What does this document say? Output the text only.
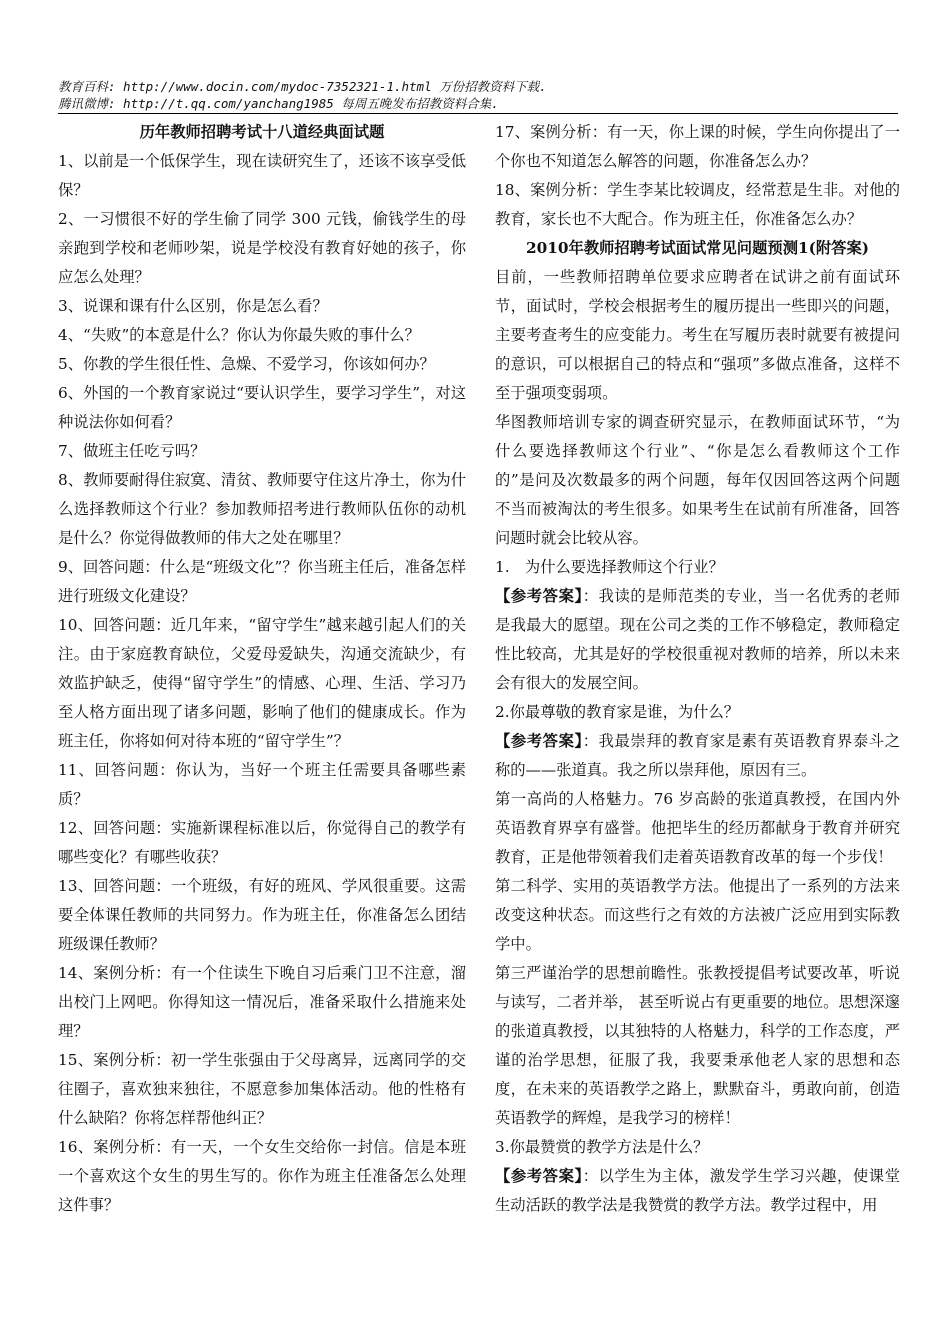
教育百科: http://www.docin.com/mydoc-7352321-1.html 万份招教资料下载.
腾讯微博: http://t.qq.com/yanchang1985 每周五晚发布招教资料合集.

历年教师招聘考试十八道经典面试题

1、以前是一个低保学生，现在读研究生了，还该不该享受低保？

2、一习惯很不好的学生偷了同学 300 元钱，偷钱学生的母亲跑到学校和老师吵架，说是学校没有教育好她的孩子，你应怎么处理？

3、说课和课有什么区别，你是怎么看？

4、“失败”的本意是什么？你认为你最失败的事什么？

5、你教的学生很任性、急燥、不爱学习，你该如何办？

6、外国的一个教育家说过“要认识学生，要学习学生”，对这种说法你如何看？

7、做班主任吃亏吗？

8、教师要耐得住寂寞、清贫、教师要守住这片净土，你为什么选择教师这个行业？参加教师招考进行教师队伍你的动机是什么？你觉得做教师的伟大之处在哪里？

9、回答问题：什么是“班级文化”？你当班主任后，准备怎样进行班级文化建设？

10、回答问题：近几年来，“留守学生”越来越引起人们的关注。由于家庭教育缺位，父爱母爱缺失，沟通交流缺少，有效监护缺乏，使得“留守学生”的情感、心理、生活、学习乃至人格方面出现了诸多问题，影响了他们的健康成长。作为班主任，你将如何对待本班的“留守学生”？

11、回答问题：你认为，当好一个班主任需要具备哪些素质？

12、回答问题：实施新课程标准以后，你觉得自己的教学有哪些变化？有哪些收获？

13、回答问题：一个班级，有好的班风、学风很重要。这需要全体课任教师的共同努力。作为班主任，你准备怎么团结班级课任教师？

14、案例分析：有一个住读生下晚自习后乘门卫不注意，溜出校门上网吧。你得知这一情况后，准备采取什么措施来处理？

15、案例分析：初一学生张强由于父母离异，远离同学的交往圈子，喜欢独来独往，不愿意参加集体活动。他的性格有什么缺陷？你将怎样帮他纠正？

16、案例分析：有一天，一个女生交给你一封信。信是本班一个喜欢这个女生的男生写的。你作为班主任准备怎么处理这件事？

17、案例分析：有一天，你上课的时候，学生向你提出了一个你也不知道怎么解答的问题，你准备怎么办？

18、案例分析：学生李某比较调皮，经常惹是生非。对他的教育，家长也不大配合。作为班主任，你准备怎么办？

2010年教师招聘考试面试常见问题预测1(附答案)

目前，一些教师招聘单位要求应聘者在试讲之前有面试环节，面试时，学校会根据考生的履历提出一些即兴的问题，主要考查考生的应变能力。考生在写履历表时就要有被提问的意识，可以根据自己的特点和“强项”多做点准备，这样不至于强项变弱项。

华图教师培训专家的调查研究显示，在教师面试环节，“为什么要选择教师这个行业”、“你是怎么看教师这个工作的”是问及次数最多的两个问题，每年仅因回答这两个问题不当而被淘汰的考生很多。如果考生在试前有所准备，回答问题时就会比较从容。

1.　为什么要选择教师这个行业？

【参考答案】：我读的是师范类的专业，当一名优秀的老师是我最大的愿望。现在公司之类的工作不够稳定，教师稳定性比较高，尤其是好的学校很重视对教师的培养，所以未来会有很大的发展空间。

2.你最尊敬的教育家是谁，为什么？

【参考答案】：我最崇拜的教育家是素有英语教育界泰斗之称的——张道真。我之所以崇拜他，原因有三。

第一高尚的人格魅力。76 岁高龄的张道真教授，在国内外英语教育界享有盛誉。他把毕生的经历都献身于教育并研究教育，正是他带领着我们走着英语教育改革的每一个步伐！

第二科学、实用的英语教学方法。他提出了一系列的方法来改变这种状态。而这些行之有效的方法被广泛应用到实际教学中。

第三严谨治学的思想前瞻性。张教授提倡考试要改革，听说与读写，二者并举， 甚至听说占有更重要的地位。思想深邃的张道真教授，以其独特的人格魅力，科学的工作态度，严谨的治学思想，征服了我，我要秉承他老人家的思想和态度，在未来的英语教学之路上，默默奋斗，勇敢向前，创造英语教学的辉煌，是我学习的榜样！

3.你最赞赏的教学方法是什么？

【参考答案】：以学生为主体，激发学生学习兴趣，使课堂生动活跃的教学法是我赞赏的教学方法。教学过程中，用
